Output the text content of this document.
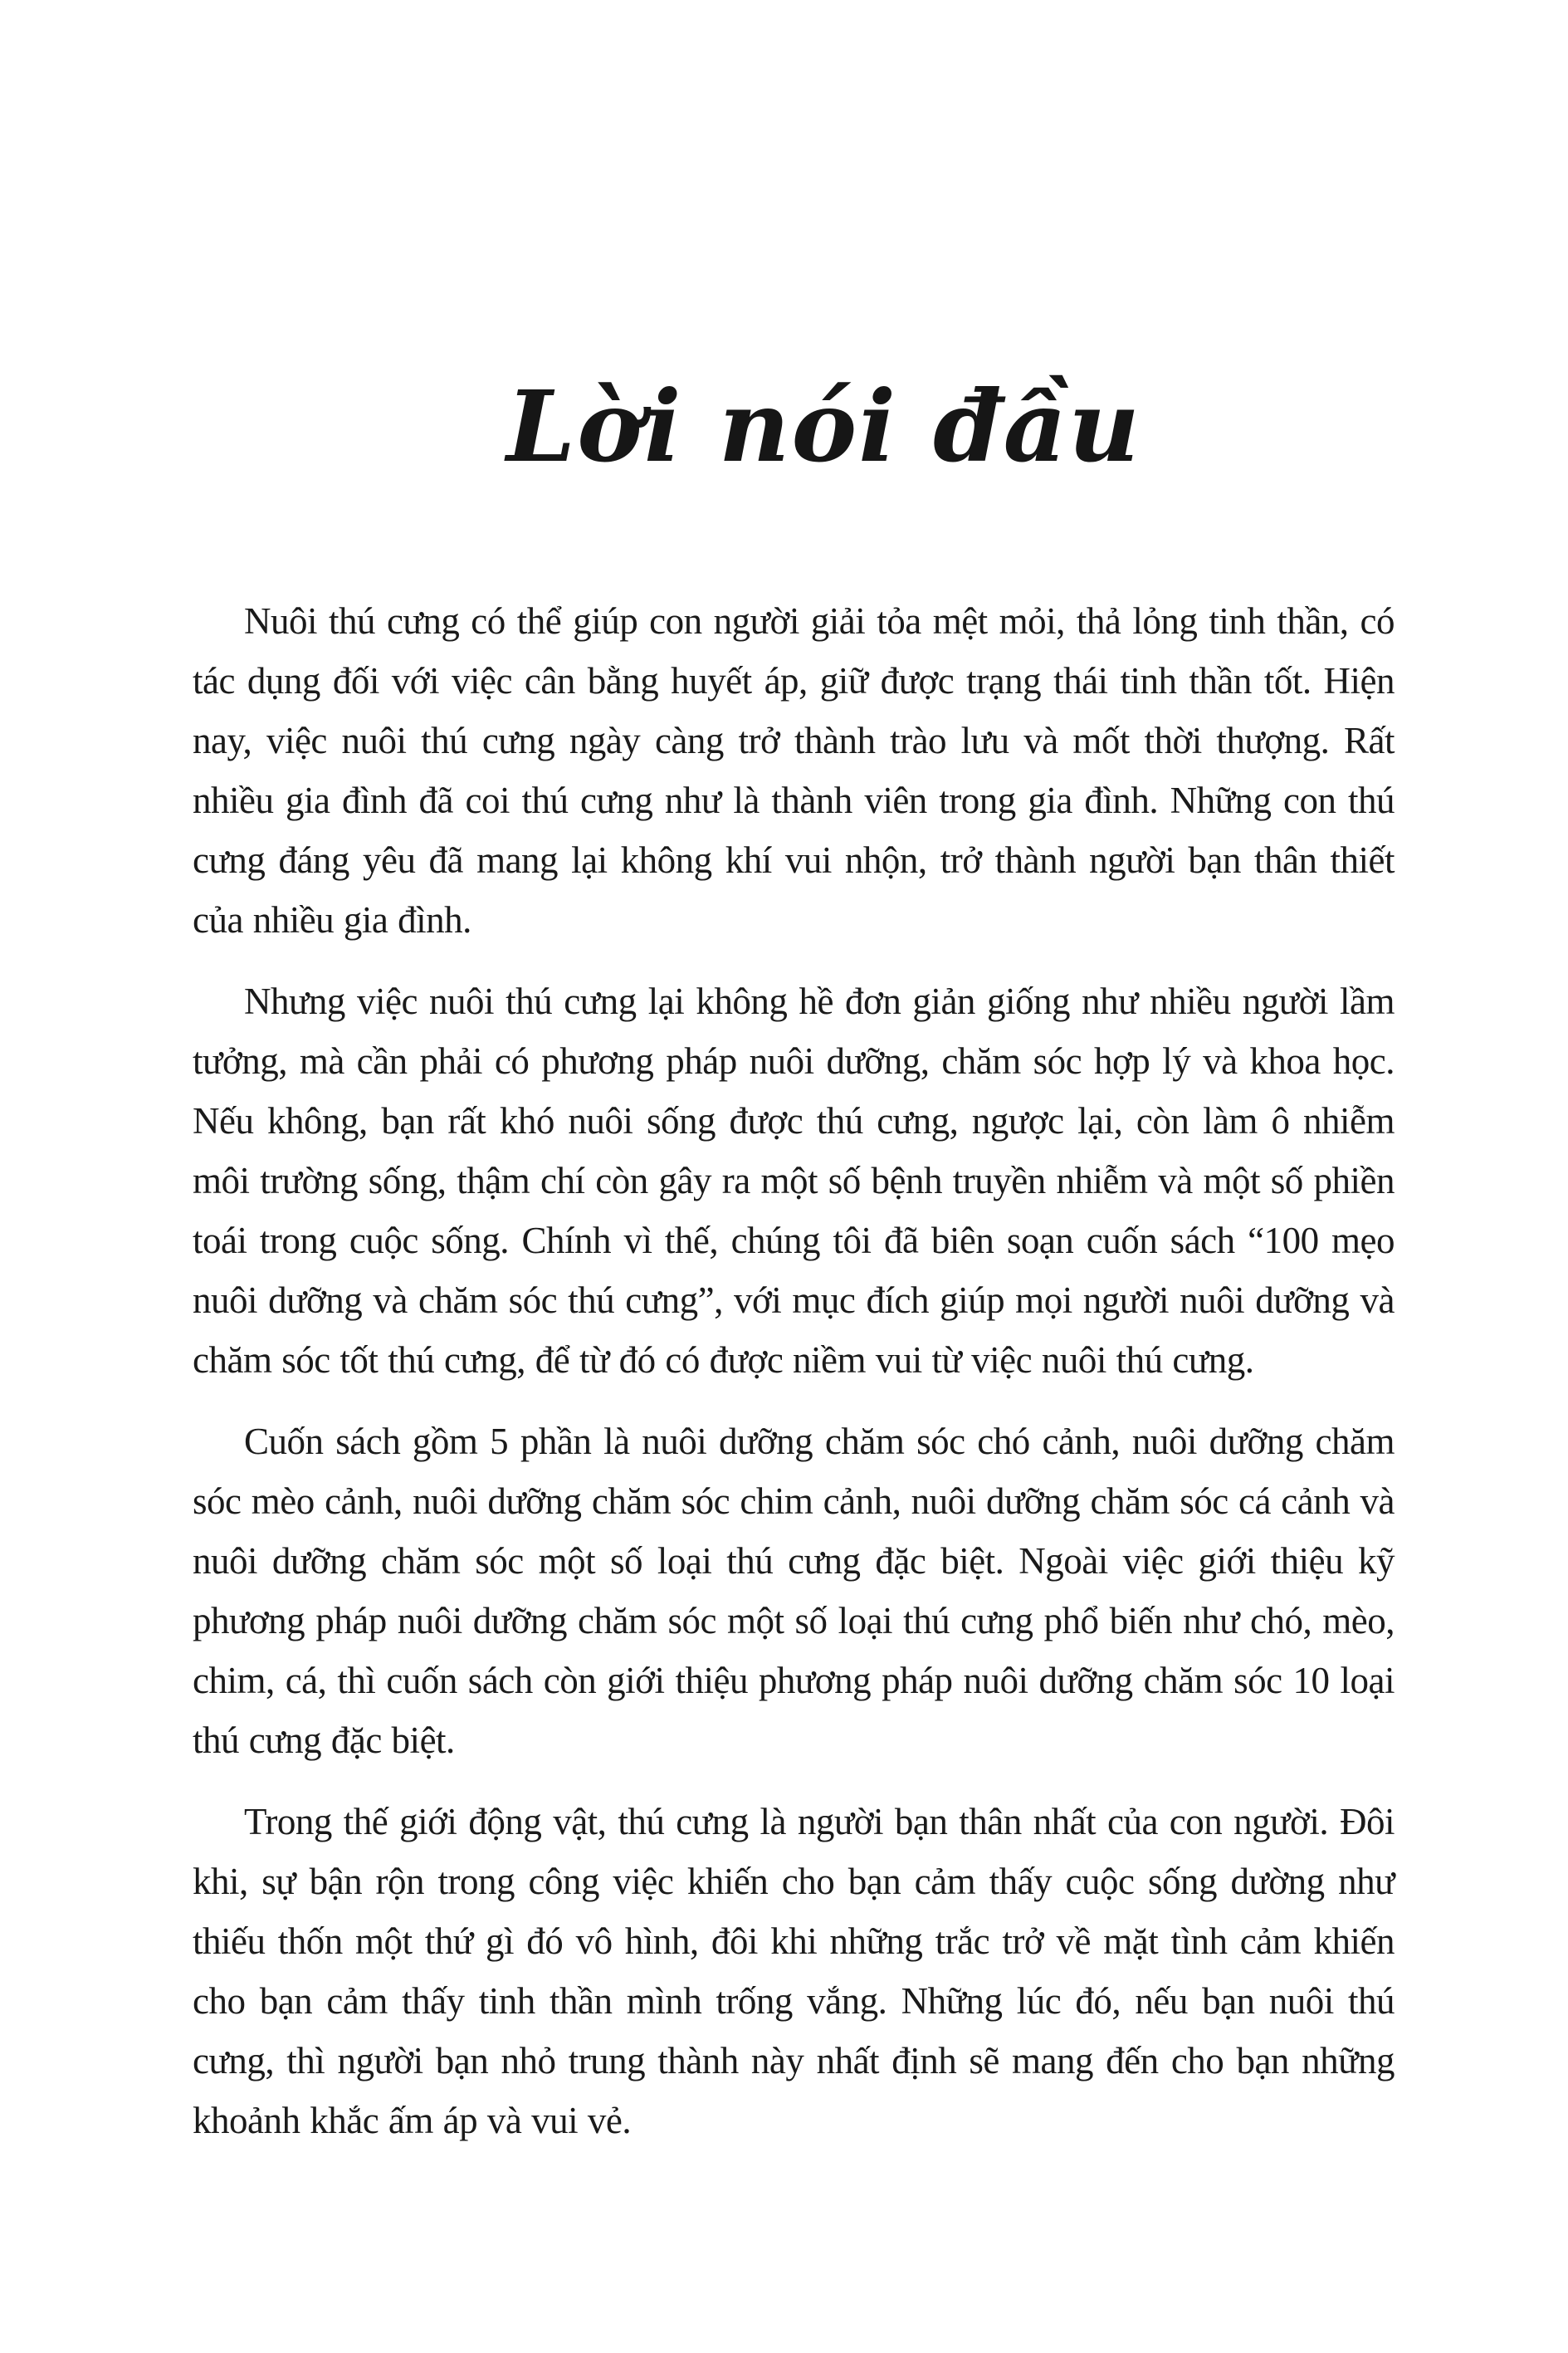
Lời nói đầu

Nuôi thú cưng có thể giúp con người giải tỏa mệt mỏi, thả lỏng tinh thần, có tác dụng đối với việc cân bằng huyết áp, giữ được trạng thái tinh thần tốt. Hiện nay, việc nuôi thú cưng ngày càng trở thành trào lưu và mốt thời thượng. Rất nhiều gia đình đã coi thú cưng như là thành viên trong gia đình. Những con thú cưng đáng yêu đã mang lại không khí vui nhộn, trở thành người bạn thân thiết của nhiều gia đình.

Nhưng việc nuôi thú cưng lại không hề đơn giản giống như nhiều người lầm tưởng, mà cần phải có phương pháp nuôi dưỡng, chăm sóc hợp lý và khoa học. Nếu không, bạn rất khó nuôi sống được thú cưng, ngược lại, còn làm ô nhiễm môi trường sống, thậm chí còn gây ra một số bệnh truyền nhiễm và một số phiền toái trong cuộc sống. Chính vì thế, chúng tôi đã biên soạn cuốn sách “100 mẹo nuôi dưỡng và chăm sóc thú cưng”, với mục đích giúp mọi người nuôi dưỡng và chăm sóc tốt thú cưng, để từ đó có được niềm vui từ việc nuôi thú cưng.

Cuốn sách gồm 5 phần là nuôi dưỡng chăm sóc chó cảnh, nuôi dưỡng chăm sóc mèo cảnh, nuôi dưỡng chăm sóc chim cảnh, nuôi dưỡng chăm sóc cá cảnh và nuôi dưỡng chăm sóc một số loại thú cưng đặc biệt. Ngoài việc giới thiệu kỹ phương pháp nuôi dưỡng chăm sóc một số loại thú cưng phổ biến như chó, mèo, chim, cá, thì cuốn sách còn giới thiệu phương pháp nuôi dưỡng chăm sóc 10 loại thú cưng đặc biệt.

Trong thế giới động vật, thú cưng là người bạn thân nhất của con người. Đôi khi, sự bận rộn trong công việc khiến cho bạn cảm thấy cuộc sống dường như thiếu thốn một thứ gì đó vô hình, đôi khi những trắc trở về mặt tình cảm khiến cho bạn cảm thấy tinh thần mình trống vắng. Những lúc đó, nếu bạn nuôi thú cưng, thì người bạn nhỏ trung thành này nhất định sẽ mang đến cho bạn những khoảnh khắc ấm áp và vui vẻ.
